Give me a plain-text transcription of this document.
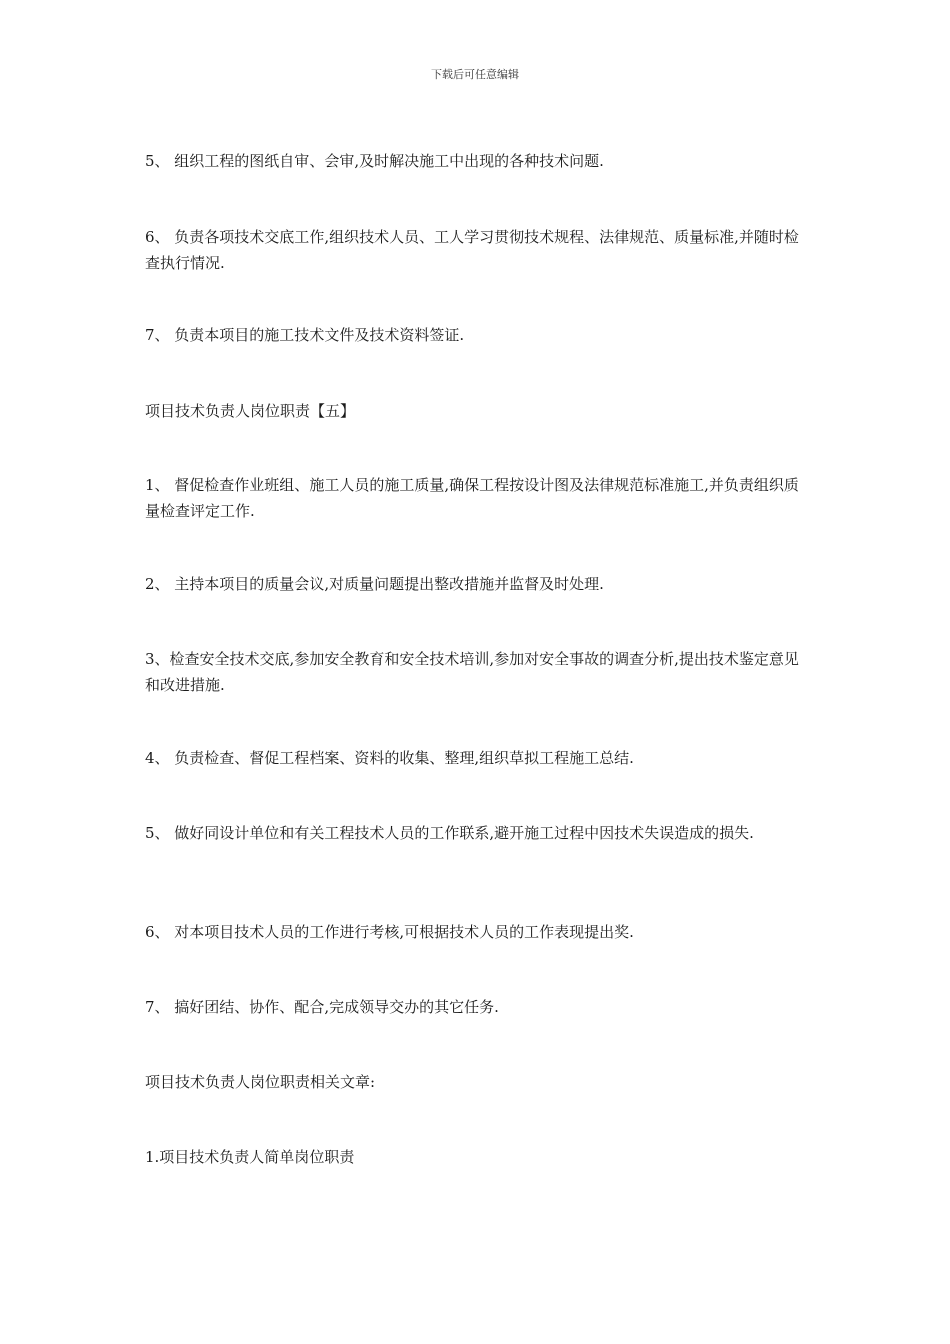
下载后可任意编辑

5、 组织工程的图纸自审、会审,及时解决施工中出现的各种技术问题.

6、 负责各项技术交底工作,组织技术人员、工人学习贯彻技术规程、法律规范、质量标准,并随时检查执行情况.

7、 负责本项目的施工技术文件及技术资料签证.

项目技术负责人岗位职责【五】

1、 督促检查作业班组、施工人员的施工质量,确保工程按设计图及法律规范标准施工,并负责组织质量检查评定工作.

2、 主持本项目的质量会议,对质量问题提出整改措施并监督及时处理.

3、检查安全技术交底,参加安全教育和安全技术培训,参加对安全事故的调查分析,提出技术鉴定意见和改进措施.

4、 负责检查、督促工程档案、资料的收集、整理,组织草拟工程施工总结.

5、 做好同设计单位和有关工程技术人员的工作联系,避开施工过程中因技术失误造成的损失.

6、 对本项目技术人员的工作进行考核,可根据技术人员的工作表现提出奖.

7、 搞好团结、协作、配合,完成领导交办的其它任务.

项目技术负责人岗位职责相关文章:

1.项目技术负责人简单岗位职责
